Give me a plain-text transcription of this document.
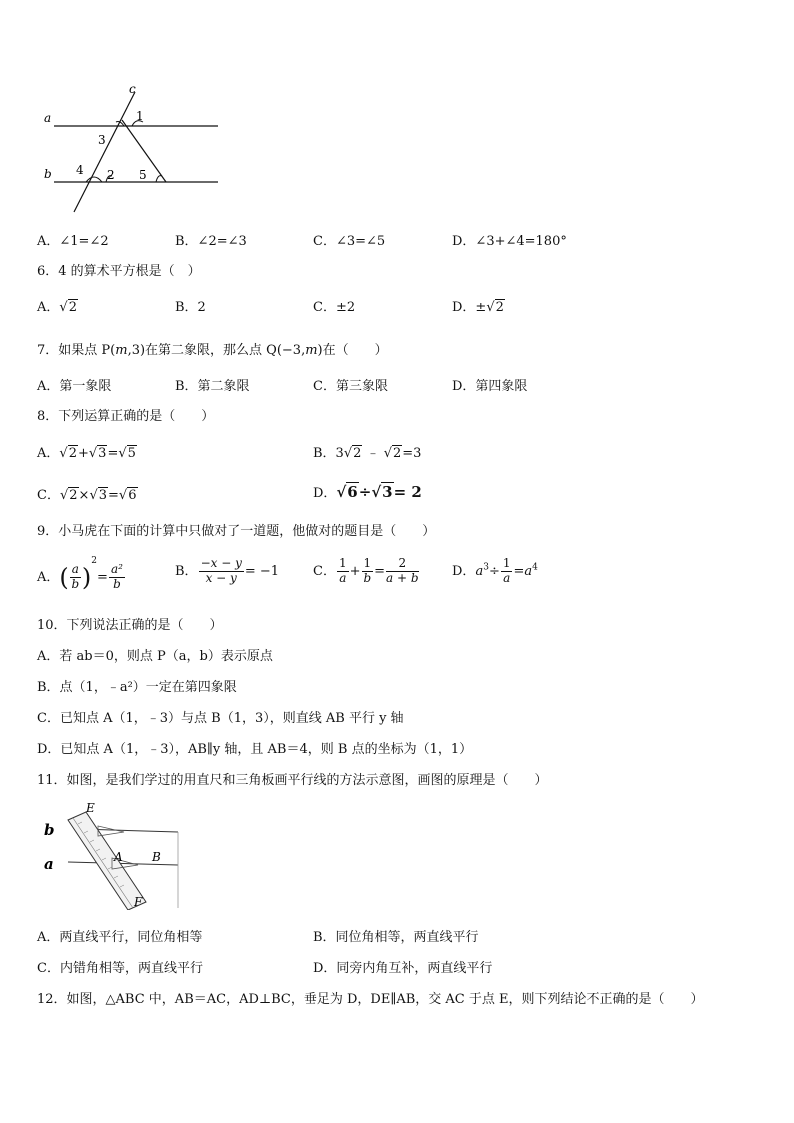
a
b
c
1
2
3
4	5
A．∠1=∠2	B．∠2=∠3	C．∠3=∠5	D．∠3+∠4=180°
6．4 的算术平方根是（　）
A．√2	B．2	C．±2	D．±√2
7．如果点 P(m,3)在第二象限，那么点 Q(−3,m)在（　　）
A．第一象限	B．第二象限	C．第三象限	D．第四象限
8．下列运算正确的是（　　）
A．√2+√3=√5	B．3√2 ﹣ √2=3
C．√2×√3=√6	D．√6÷√3= 2
9．小马虎在下面的计算中只做对了一道题，他做对的题目是（　　）
A．( $\frac{a}{b} )^2= \frac{\text{a²}}{b}$	B． $\frac{-x - y}{x - y} = -1$	C． $\frac{1}{a} + \frac{1}{b} = \frac{2}{a + b}$	D．$a^3\div \frac{1}{a} =a^4$
10．下列说法正确的是（　　）
A．若 ab＝0，则点 P（a，b）表示原点
B．点（1，﹣a²）一定在第四象限
C．已知点 A（1，﹣3）与点 B（1，3），则直线 AB 平行 y 轴
D．已知点 A（1，﹣3），AB∥y 轴，且 AB＝4，则 B 点的坐标为（1，1）
11．如图，是我们学过的用直尺和三角板画平行线的方法示意图，画图的原理是（　　）
E
b
a	A B
F
A．两直线平行，同位角相等	B．同位角相等，两直线平行
C．内错角相等，两直线平行	D．同旁内角互补，两直线平行
12．如图，△ABC 中，AB＝AC，AD⊥BC，垂足为 D，DE∥AB，交 AC 于点 E，则下列结论不正确的是（　　）
